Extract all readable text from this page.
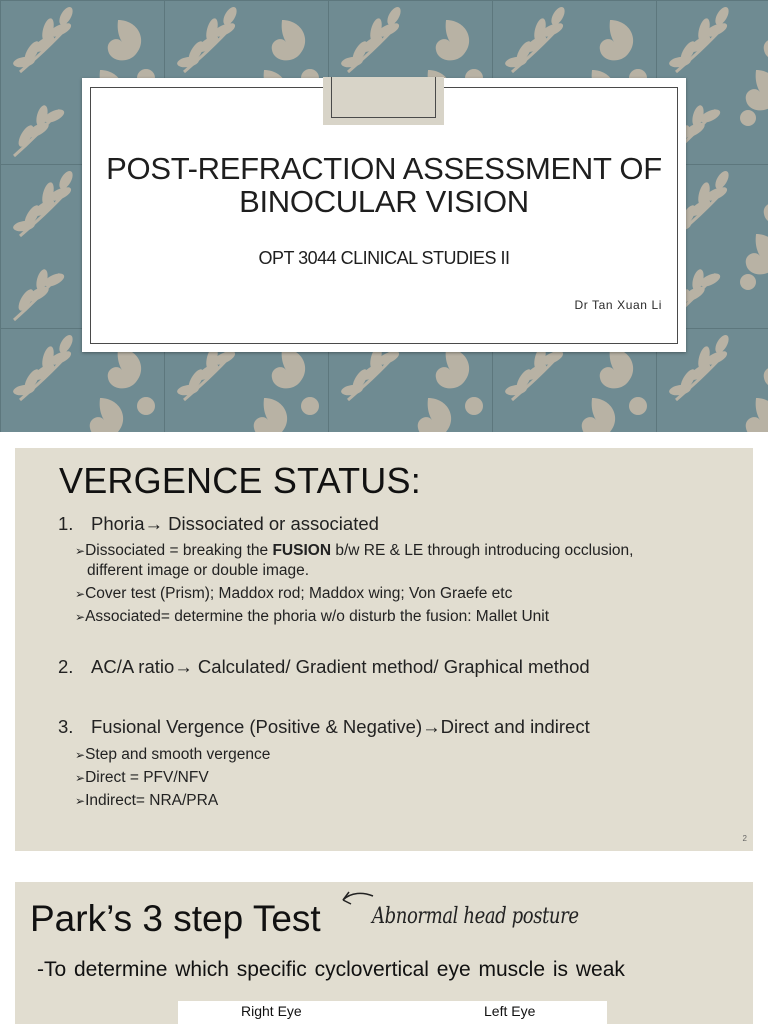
POST-REFRACTION ASSESSMENT OF BINOCULAR VISION
OPT 3044 CLINICAL STUDIES II
Dr Tan Xuan Li
VERGENCE STATUS:
1. Phoria→ Dissociated or associated
➢Dissociated = breaking the FUSION b/w RE & LE through introducing occlusion,
different image or double image.
➢Cover test (Prism); Maddox rod; Maddox wing; Von Graefe etc
➢Associated= determine the phoria w/o disturb the fusion: Mallet Unit
2. AC/A ratio→ Calculated/ Gradient method/ Graphical method
3. Fusional Vergence (Positive & Negative)→Direct and indirect
➢Step and smooth vergence
➢Direct = PFV/NFV
➢Indirect= NRA/PRA
2
Park’s 3 step Test Abnormal head posture
-To determine which specific cyclovertical eye muscle is weak
Right Eye	Left Eye
